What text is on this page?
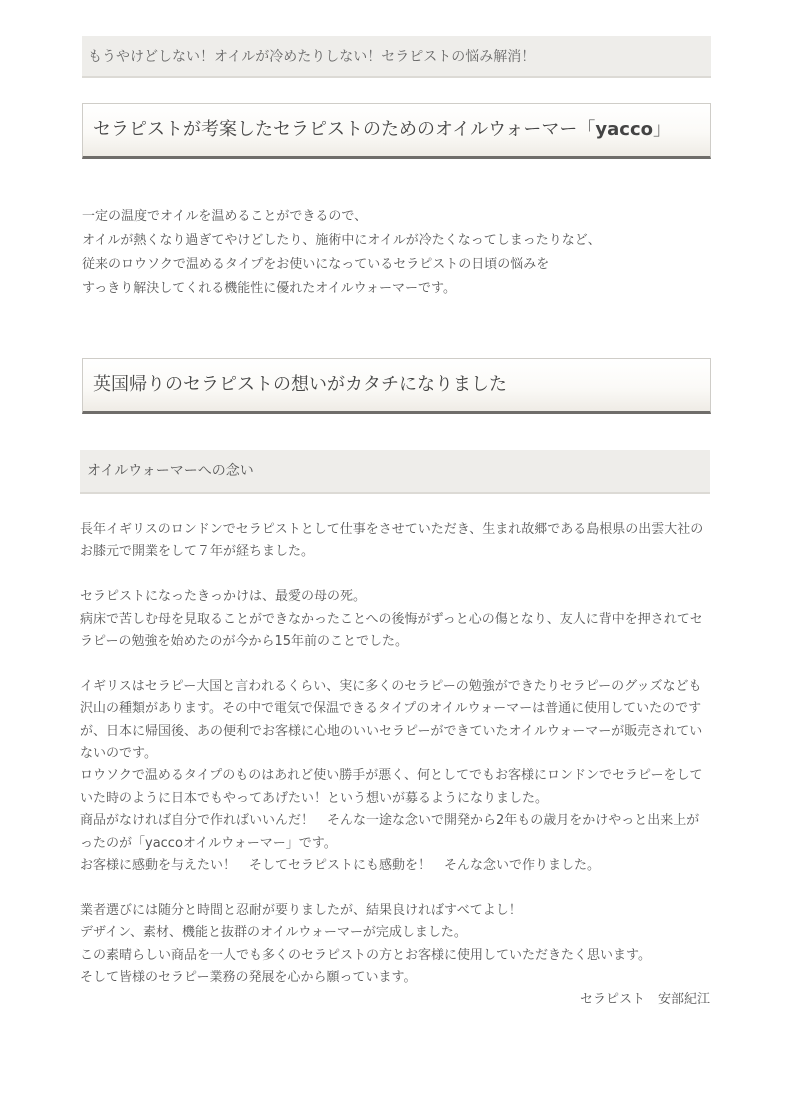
もうやけどしない！オイルが冷めたりしない！セラピストの悩み解消！
セラピストが考案したセラピストのためのオイルウォーマー「yacco」

一定の温度でオイルを温めることができるので、

オイルが熱くなり過ぎてやけどしたり、施術中にオイルが冷たくなってしまったりなど、

従来のロウソクで温めるタイプをお使いになっているセラピストの日頃の悩みを

すっきり解決してくれる機能性に優れたオイルウォーマーです。

英国帰りのセラピストの想いがカタチになりました
オイルウォーマーへの念い

長年イギリスのロンドンでセラピストとして仕事をさせていただき、生まれ故郷である島根県の出雲大社のお膝元で開業をして７年が経ちました。

セラピストになったきっかけは、最愛の母の死。

病床で苦しむ母を見取ることができなかったことへの後悔がずっと心の傷となり、友人に背中を押されてセラピーの勉強を始めたのが今から15年前のことでした。

イギリスはセラピー大国と言われるくらい、実に多くのセラピーの勉強ができたりセラピーのグッズなども沢山の種類があります。その中で電気で保温できるタイプのオイルウォーマーは普通に使用していたのですが、日本に帰国後、あの便利でお客様に心地のいいセラピーができていたオイルウォーマーが販売されていないのです。

ロウソクで温めるタイプのものはあれど使い勝手が悪く、何としてでもお客様にロンドンでセラピーをしていた時のように日本でもやってあげたい！という想いが募るようになりました。

商品がなければ自分で作ればいいんだ！　そんな一途な念いで開発から2年もの歳月をかけやっと出来上がったのが「yaccoオイルウォーマー」です。

お客様に感動を与えたい！　そしてセラピストにも感動を！　そんな念いで作りました。

業者選びには随分と時間と忍耐が要りましたが、結果良ければすべてよし！

デザイン、素材、機能と抜群のオイルウォーマーが完成しました。

この素晴らしい商品を一人でも多くのセラピストの方とお客様に使用していただきたく思います。

そして皆様のセラピー業務の発展を心から願っています。

セラピスト　安部紀江
